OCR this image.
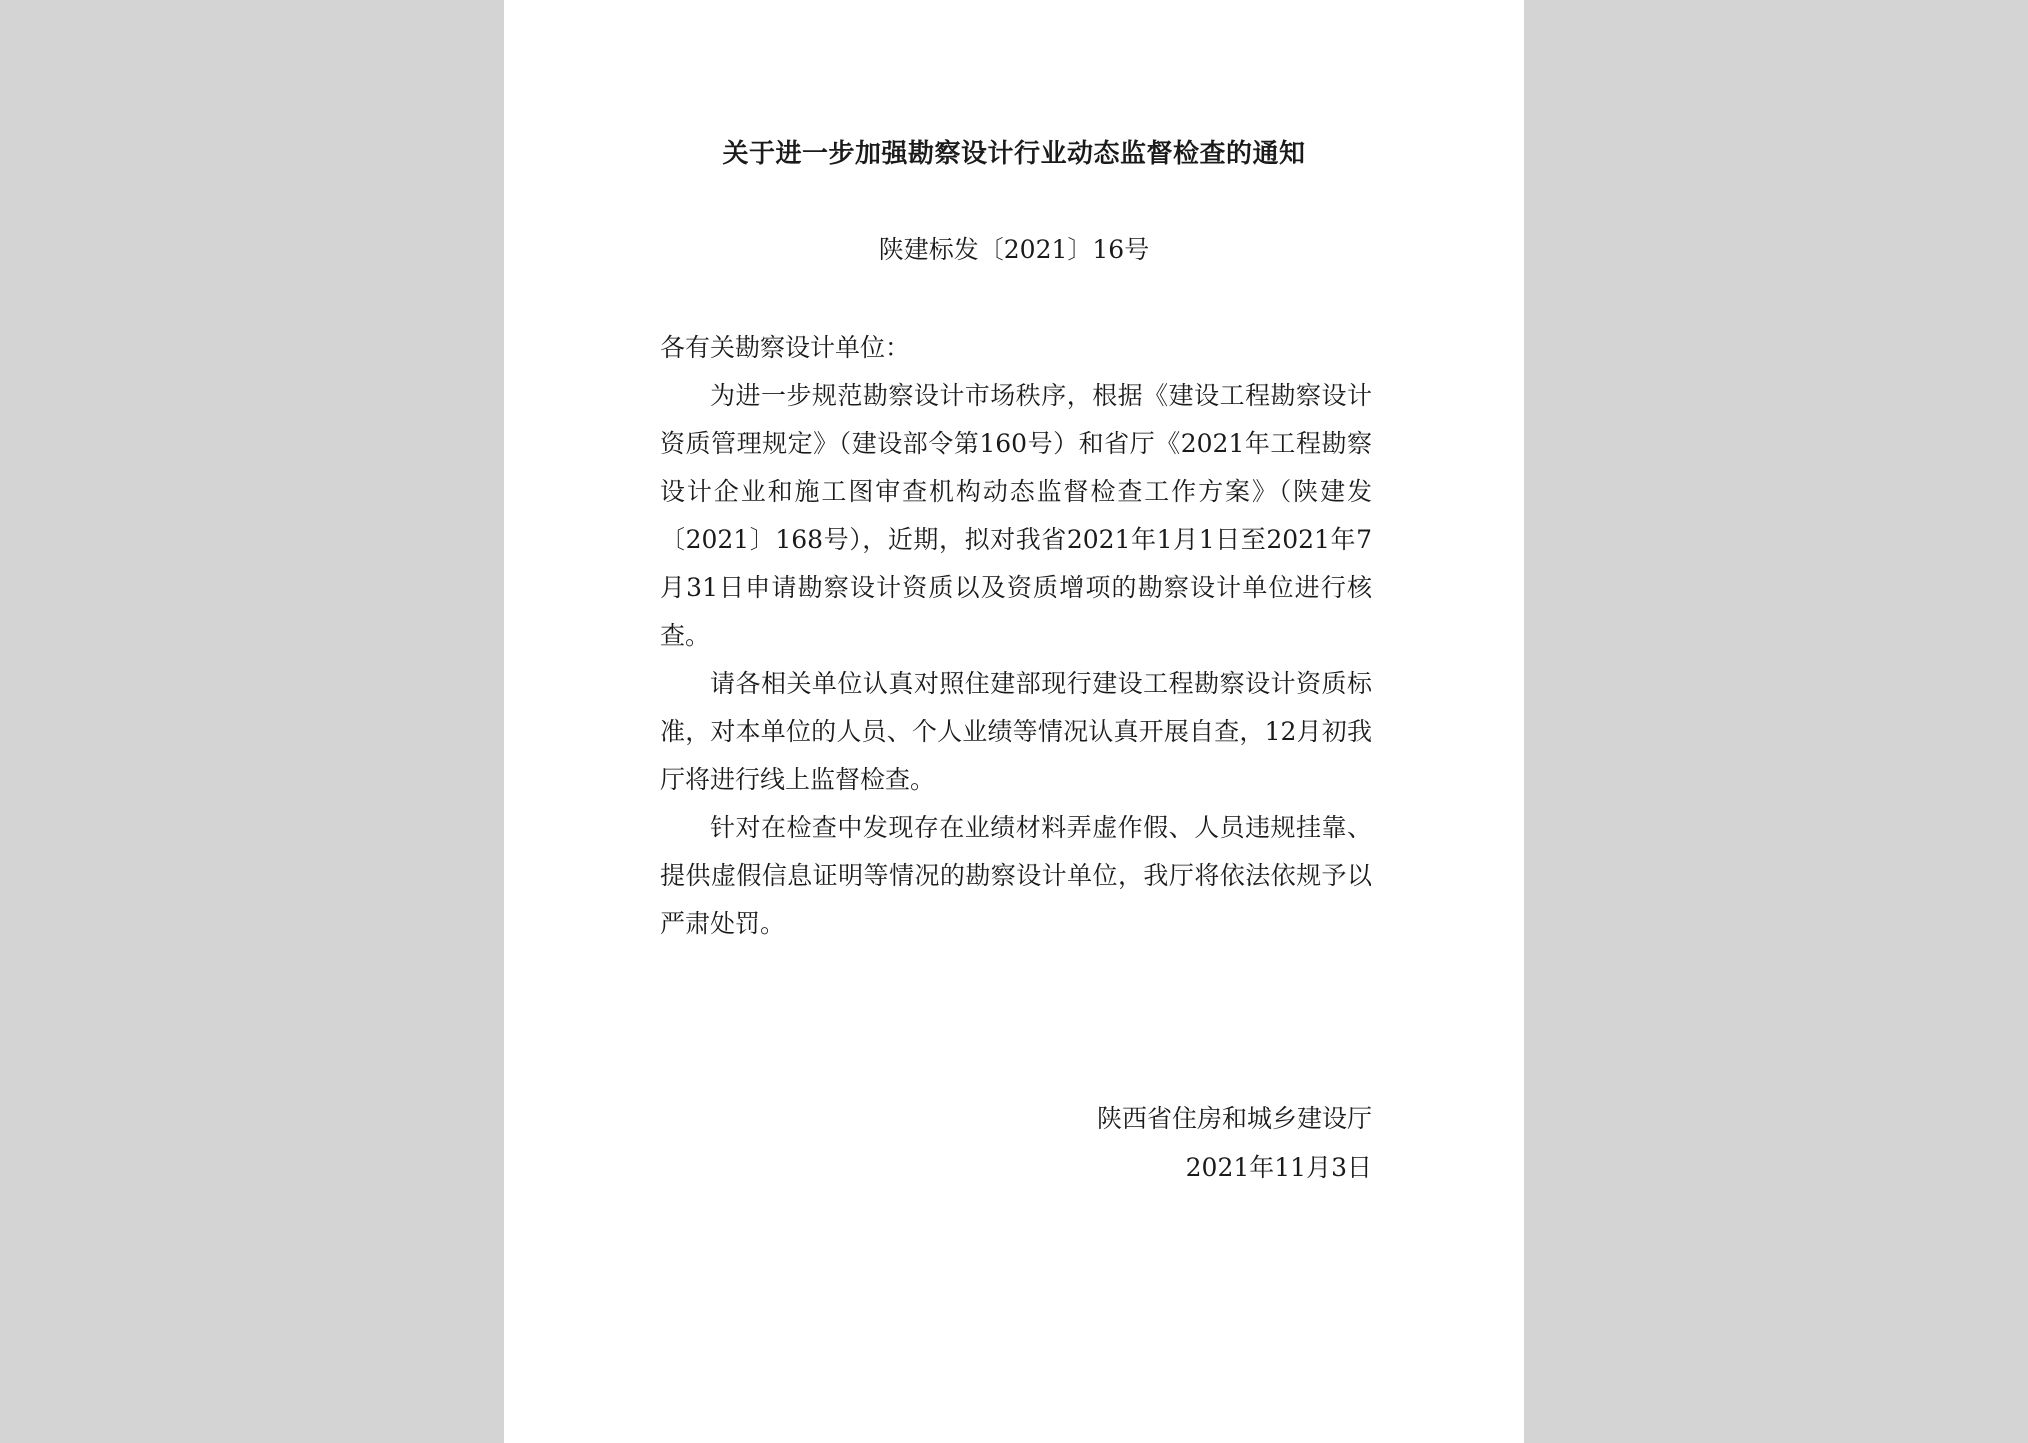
关于进一步加强勘察设计行业动态监督检查的通知
陕建标发〔2021〕16号

各有关勘察设计单位：

为进一步规范勘察设计市场秩序，根据《建设工程勘察设计资质管理规定》（建设部令第160号）和省厅《2021年工程勘察设计企业和施工图审查机构动态监督检查工作方案》（陕建发〔2021〕168号），近期，拟对我省2021年1月1日至2021年7月31日申请勘察设计资质以及资质增项的勘察设计单位进行核查。

请各相关单位认真对照住建部现行建设工程勘察设计资质标准，对本单位的人员、个人业绩等情况认真开展自查，12月初我厅将进行线上监督检查。

针对在检查中发现存在业绩材料弄虚作假、人员违规挂靠、提供虚假信息证明等情况的勘察设计单位，我厅将依法依规予以严肃处罚。

陕西省住房和城乡建设厅
2021年11月3日
